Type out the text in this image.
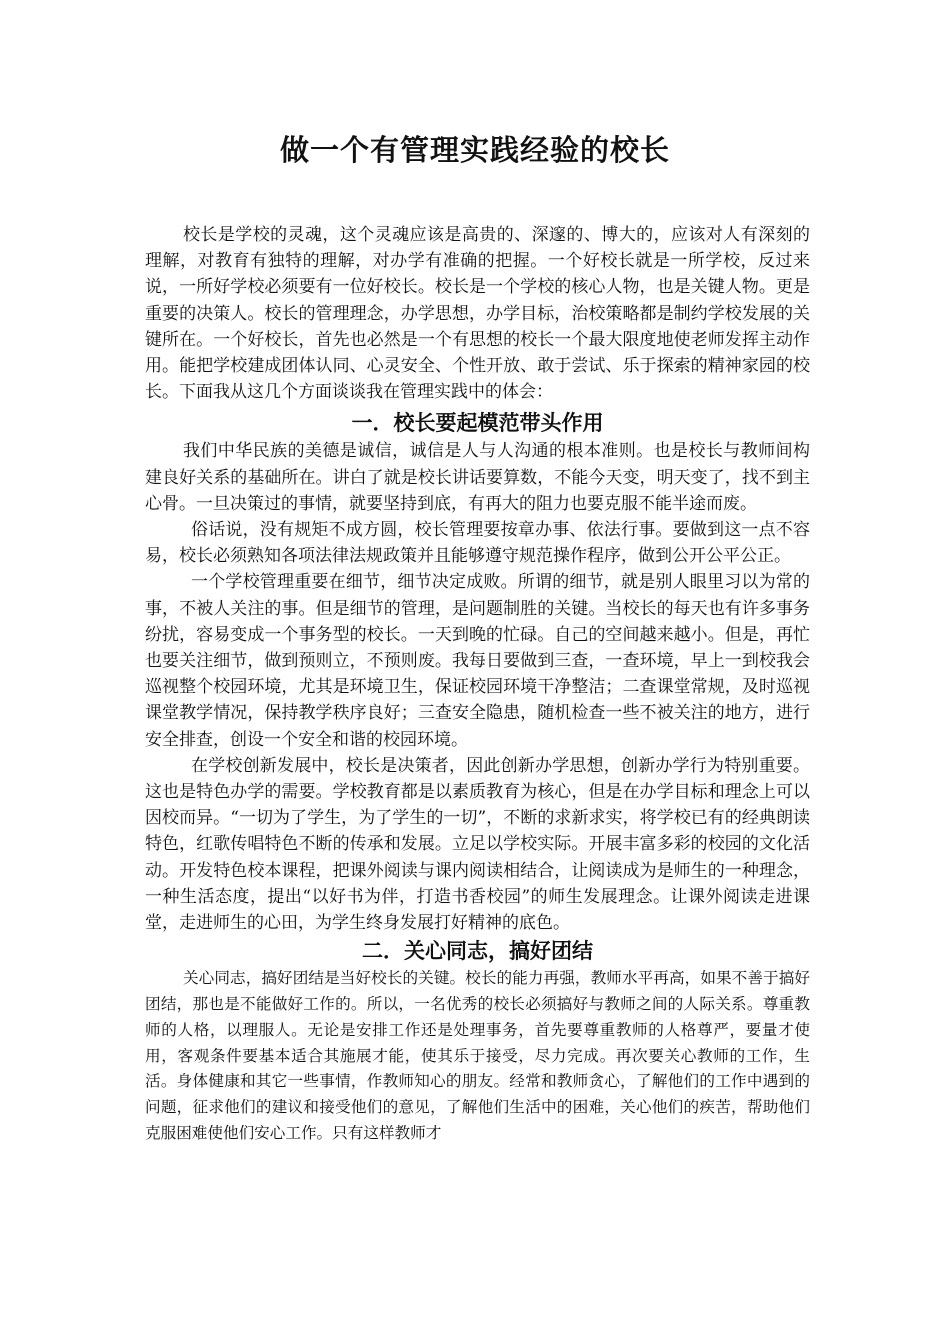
做一个有管理实践经验的校长

校长是学校的灵魂，这个灵魂应该是高贵的、深邃的、博大的，应该对人有深刻的理解，对教育有独特的理解，对办学有准确的把握。一个好校长就是一所学校，反过来说，一所好学校必须要有一位好校长。校长是一个学校的核心人物，也是关键人物。更是重要的决策人。校长的管理理念，办学思想，办学目标，治校策略都是制约学校发展的关键所在。一个好校长，首先也必然是一个有思想的校长一个最大限度地使老师发挥主动作用。能把学校建成团体认同、心灵安全、个性开放、敢于尝试、乐于探索的精神家园的校长。下面我从这几个方面谈谈我在管理实践中的体会：

一．校长要起模范带头作用

我们中华民族的美德是诚信，诚信是人与人沟通的根本准则。也是校长与教师间构建良好关系的基础所在。讲白了就是校长讲话要算数，不能今天变，明天变了，找不到主心骨。一旦决策过的事情，就要坚持到底，有再大的阻力也要克服不能半途而废。

俗话说，没有规矩不成方圆，校长管理要按章办事、依法行事。要做到这一点不容易，校长必须熟知各项法律法规政策并且能够遵守规范操作程序，做到公开公平公正。

一个学校管理重要在细节，细节决定成败。所谓的细节，就是别人眼里习以为常的事，不被人关注的事。但是细节的管理，是问题制胜的关键。当校长的每天也有许多事务纷扰，容易变成一个事务型的校长。一天到晚的忙碌。自己的空间越来越小。但是，再忙也要关注细节，做到预则立，不预则废。我每日要做到三查，一查环境，早上一到校我会巡视整个校园环境，尤其是环境卫生，保证校园环境干净整洁；二查课堂常规，及时巡视课堂教学情况，保持教学秩序良好；三查安全隐患，随机检查一些不被关注的地方，进行安全排查，创设一个安全和谐的校园环境。

在学校创新发展中，校长是决策者，因此创新办学思想，创新办学行为特别重要。这也是特色办学的需要。学校教育都是以素质教育为核心，但是在办学目标和理念上可以因校而异。“一切为了学生，为了学生的一切”，不断的求新求实，将学校已有的经典朗读特色，红歌传唱特色不断的传承和发展。立足以学校实际。开展丰富多彩的校园的文化活动。开发特色校本课程，把课外阅读与课内阅读相结合，让阅读成为是师生的一种理念，一种生活态度，提出“以好书为伴，打造书香校园”的师生发展理念。让课外阅读走进课堂，走进师生的心田，为学生终身发展打好精神的底色。

二．关心同志，搞好团结

关心同志，搞好团结是当好校长的关键。校长的能力再强，教师水平再高，如果不善于搞好团结，那也是不能做好工作的。所以，一名优秀的校长必须搞好与教师之间的人际关系。尊重教师的人格，以理服人。无论是安排工作还是处理事务，首先要尊重教师的人格尊严，要量才使用，客观条件要基本适合其施展才能，使其乐于接受，尽力完成。再次要关心教师的工作，生活。身体健康和其它一些事情，作教师知心的朋友。经常和教师贪心，了解他们的工作中遇到的问题，征求他们的建议和接受他们的意见，了解他们生活中的困难，关心他们的疾苦，帮助他们克服困难使他们安心工作。只有这样教师才
